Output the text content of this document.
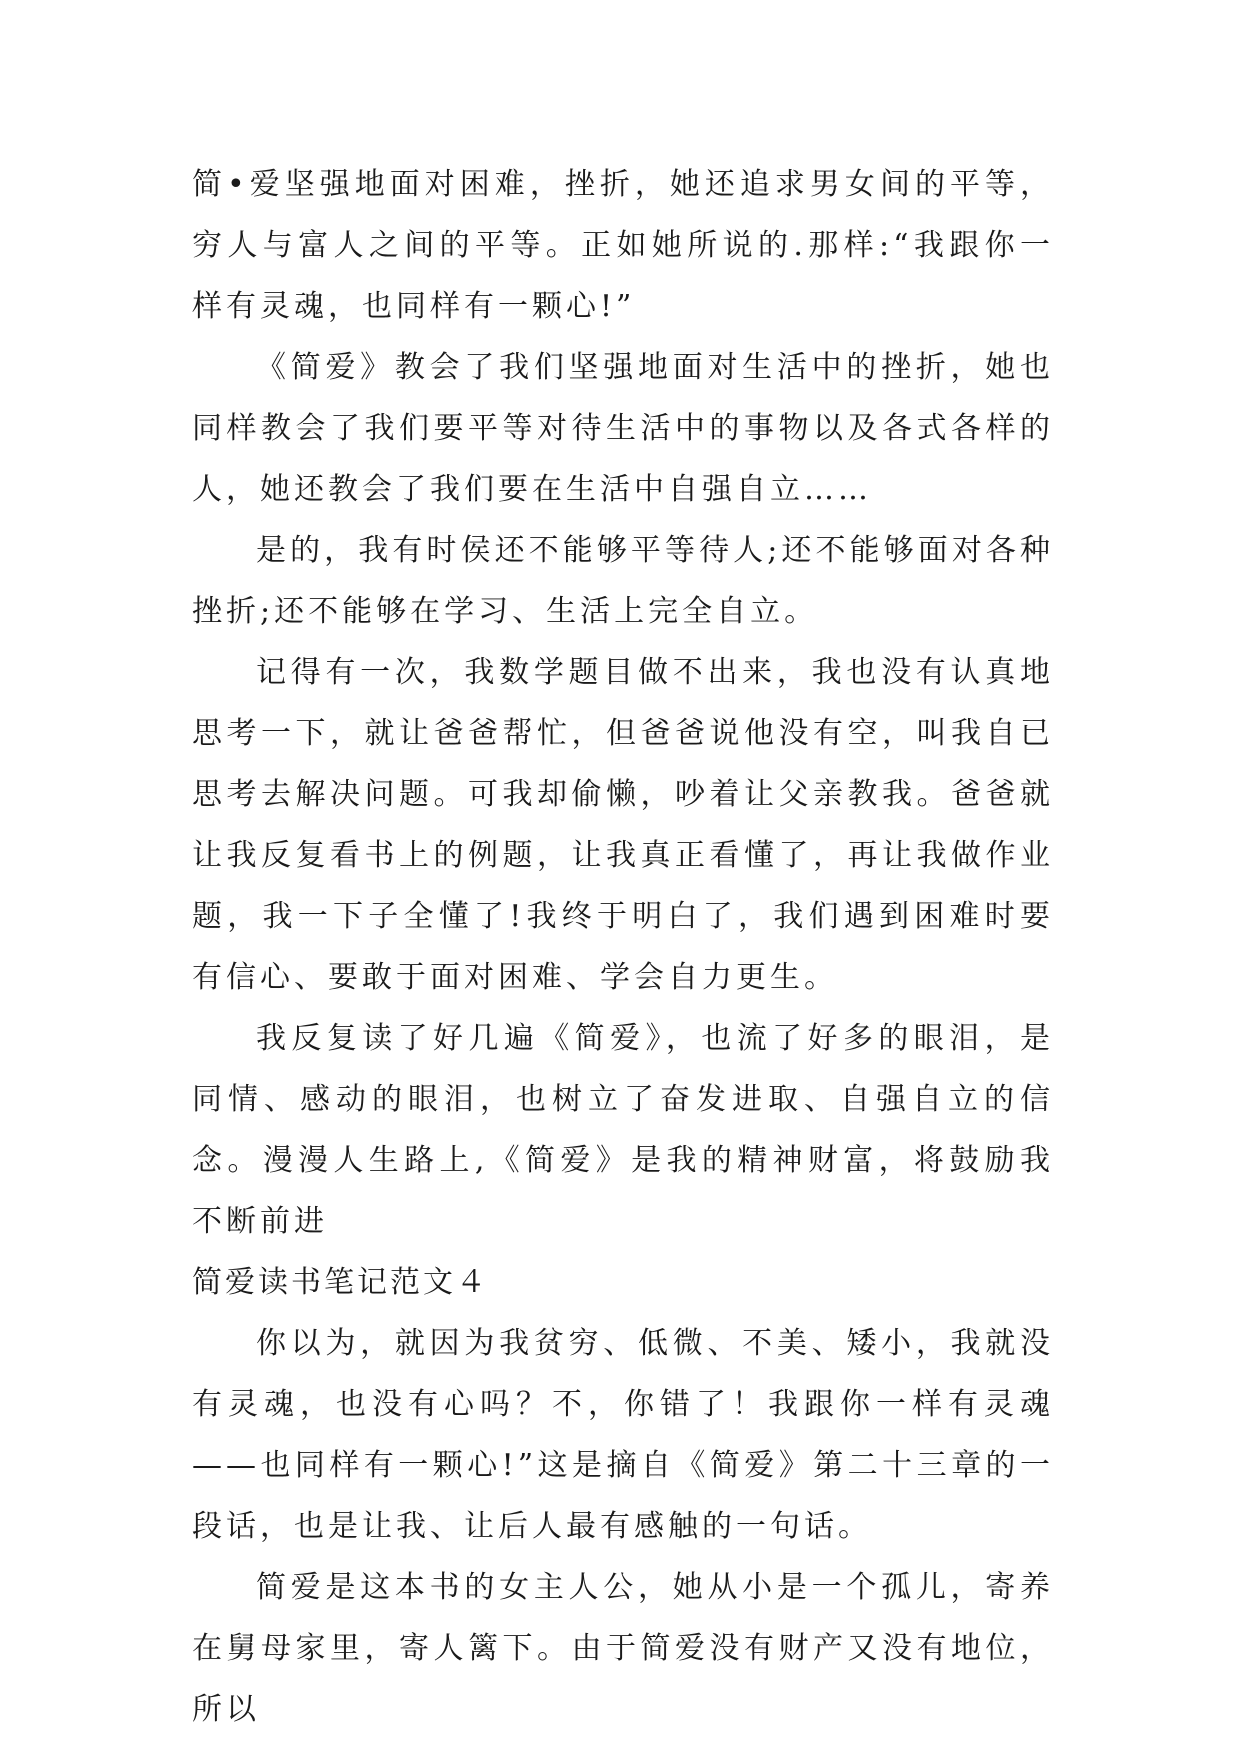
简•爱坚强地面对困难，挫折，她还追求男女间的平等，穷人与富人之间的平等。正如她所说的.那样:“我跟你一样有灵魂，也同样有一颗心!”

《简爱》教会了我们坚强地面对生活中的挫折，她也同样教会了我们要平等对待生活中的事物以及各式各样的人，她还教会了我们要在生活中自强自立……

是的，我有时侯还不能够平等待人;还不能够面对各种挫折;还不能够在学习、生活上完全自立。

记得有一次，我数学题目做不出来，我也没有认真地思考一下，就让爸爸帮忙，但爸爸说他没有空，叫我自已思考去解决问题。可我却偷懒，吵着让父亲教我。爸爸就让我反复看书上的例题，让我真正看懂了，再让我做作业题，我一下子全懂了!我终于明白了，我们遇到困难时要有信心、要敢于面对困难、学会自力更生。

我反复读了好几遍《简爱》，也流了好多的眼泪，是同情、感动的眼泪，也树立了奋发进取、自强自立的信念。漫漫人生路上,《简爱》是我的精神财富，将鼓励我不断前进

简爱读书笔记范文４

你以为，就因为我贫穷、低微、不美、矮小，我就没有灵魂，也没有心吗？不，你错了！我跟你一样有灵魂——也同样有一颗心!”这是摘自《简爱》第二十三章的一段话，也是让我、让后人最有感触的一句话。

简爱是这本书的女主人公，她从小是一个孤儿，寄养在舅母家里，寄人篱下。由于简爱没有财产又没有地位，所以
